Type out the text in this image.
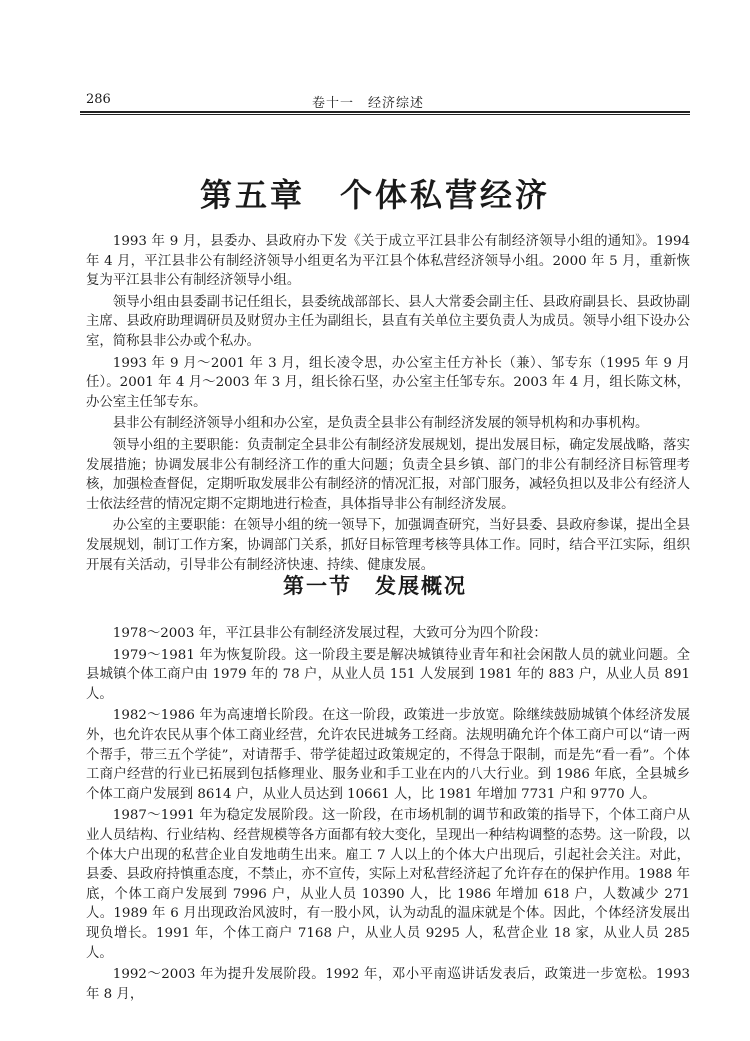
286	卷十一　经济综述
第五章　个体私营经济

1993 年 9 月，县委办、县政府办下发《关于成立平江县非公有制经济领导小组的通知》。1994 年 4 月，平江县非公有制经济领导小组更名为平江县个体私营经济领导小组。2000 年 5 月，重新恢复为平江县非公有制经济领导小组。

领导小组由县委副书记任组长，县委统战部部长、县人大常委会副主任、县政府副县长、县政协副主席、县政府助理调研员及财贸办主任为副组长，县直有关单位主要负责人为成员。领导小组下设办公室，简称县非公办或个私办。

1993 年 9 月～2001 年 3 月，组长凌令思，办公室主任方补长（兼）、邹专东（1995 年 9 月任）。2001 年 4 月～2003 年 3 月，组长徐石坚，办公室主任邹专东。2003 年 4 月，组长陈文林，办公室主任邹专东。

县非公有制经济领导小组和办公室，是负责全县非公有制经济发展的领导机构和办事机构。

领导小组的主要职能：负责制定全县非公有制经济发展规划，提出发展目标，确定发展战略，落实发展措施；协调发展非公有制经济工作的重大问题；负责全县乡镇、部门的非公有制经济目标管理考核，加强检查督促，定期听取发展非公有制经济的情况汇报，对部门服务，减轻负担以及非公有经济人士依法经营的情况定期不定期地进行检查，具体指导非公有制经济发展。

办公室的主要职能：在领导小组的统一领导下，加强调查研究，当好县委、县政府参谋，提出全县发展规划，制订工作方案，协调部门关系，抓好目标管理考核等具体工作。同时，结合平江实际，组织开展有关活动，引导非公有制经济快速、持续、健康发展。

第一节　发展概况

1978～2003 年，平江县非公有制经济发展过程，大致可分为四个阶段：

1979～1981 年为恢复阶段。这一阶段主要是解决城镇待业青年和社会闲散人员的就业问题。全县城镇个体工商户由 1979 年的 78 户，从业人员 151 人发展到 1981 年的 883 户，从业人员 891 人。

1982～1986 年为高速增长阶段。在这一阶段，政策进一步放宽。除继续鼓励城镇个体经济发展外，也允许农民从事个体工商业经营，允许农民进城务工经商。法规明确允许个体工商户可以“请一两个帮手，带三五个学徒”，对请帮手、带学徒超过政策规定的，不得急于限制，而是先“看一看”。个体工商户经营的行业已拓展到包括修理业、服务业和手工业在内的八大行业。到 1986 年底，全县城乡个体工商户发展到 8614 户，从业人员达到 10661 人，比 1981 年增加 7731 户和 9770 人。

1987～1991 年为稳定发展阶段。这一阶段，在市场机制的调节和政策的指导下，个体工商户从业人员结构、行业结构、经营规模等各方面都有较大变化，呈现出一种结构调整的态势。这一阶段，以个体大户出现的私营企业自发地萌生出来。雇工 7 人以上的个体大户出现后，引起社会关注。对此，县委、县政府持慎重态度，不禁止，亦不宣传，实际上对私营经济起了允许存在的保护作用。1988 年底，个体工商户发展到 7996 户，从业人员 10390 人，比 1986 年增加 618 户，人数减少 271 人。1989 年 6 月出现政治风波时，有一股小风，认为动乱的温床就是个体。因此，个体经济发展出现负增长。1991 年，个体工商户 7168 户，从业人员 9295 人，私营企业 18 家，从业人员 285 人。

1992～2003 年为提升发展阶段。1992 年，邓小平南巡讲话发表后，政策进一步宽松。1993 年 8 月，
